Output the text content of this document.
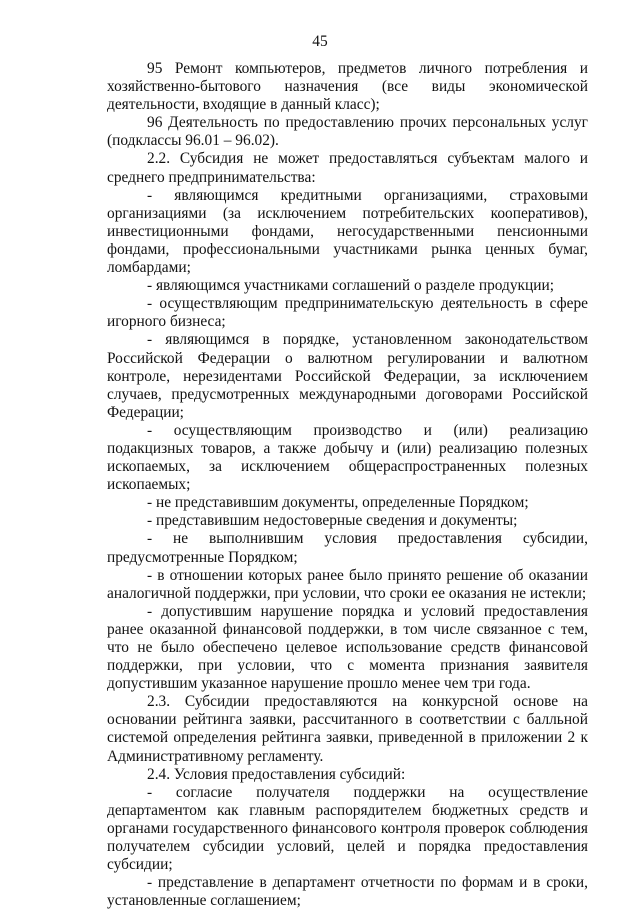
45

95 Ремонт компьютеров, предметов личного потребления и хозяйственно-бытового назначения (все виды экономической деятельности, входящие в данный класс);

96 Деятельность по предоставлению прочих персональных услуг (подклассы 96.01 – 96.02).

2.2. Субсидия не может предоставляться субъектам малого и среднего предпринимательства:

- являющимся кредитными организациями, страховыми организациями (за исключением потребительских кооперативов), инвестиционными фондами, негосударственными пенсионными фондами, профессиональными участниками рынка ценных бумаг, ломбардами;

- являющимся участниками соглашений о разделе продукции;

- осуществляющим предпринимательскую деятельность в сфере игорного бизнеса;

- являющимся в порядке, установленном законодательством Российской Федерации о валютном регулировании и валютном контроле, нерезидентами Российской Федерации, за исключением случаев, предусмотренных международными договорами Российской Федерации;

- осуществляющим производство и (или) реализацию подакцизных товаров, а также добычу и (или) реализацию полезных ископаемых, за исключением общераспространенных полезных ископаемых;

- не представившим документы, определенные Порядком;

- представившим недостоверные сведения и документы;

- не выполнившим условия предоставления субсидии, предусмотренные Порядком;

- в отношении которых ранее было принято решение об оказании аналогичной поддержки, при условии, что сроки ее оказания не истекли;

- допустившим нарушение порядка и условий предоставления ранее оказанной финансовой поддержки, в том числе связанное с тем, что не было обеспечено целевое использование средств финансовой поддержки, при условии, что с момента признания заявителя допустившим указанное нарушение прошло менее чем три года.

2.3. Субсидии предоставляются на конкурсной основе на основании рейтинга заявки, рассчитанного в соответствии с балльной системой определения рейтинга заявки, приведенной в приложении 2 к Административному регламенту.

2.4. Условия предоставления субсидий:

- согласие получателя поддержки на осуществление департаментом как главным распорядителем бюджетных средств и органами государственного финансового контроля проверок соблюдения получателем субсидии условий, целей и порядка предоставления субсидии;

- представление в департамент отчетности по формам и в сроки, установленные соглашением;
